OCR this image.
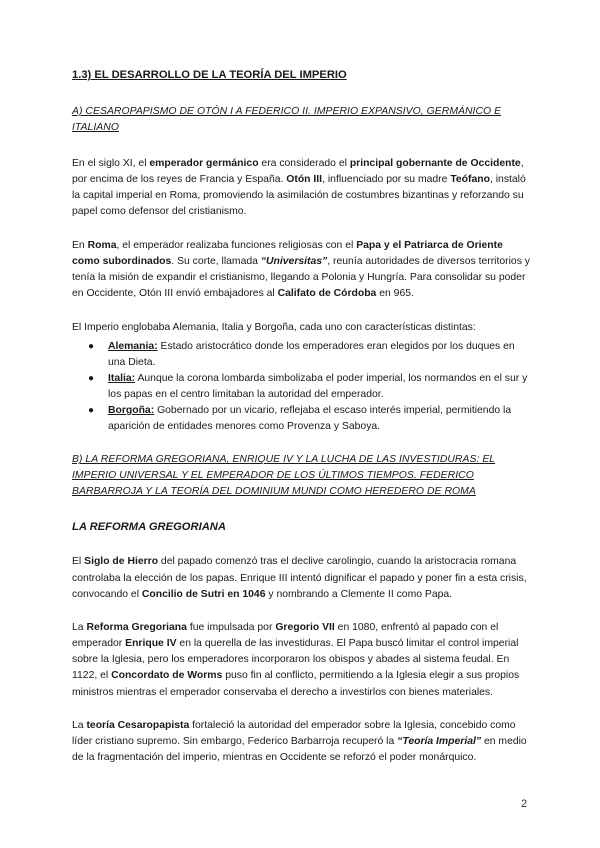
1.3) EL DESARROLLO DE LA TEORÍA DEL IMPERIO
A) CESAROPAPISMO DE OTÓN I A FEDERICO II. IMPERIO EXPANSIVO, GERMÁNICO E ITALIANO

En el siglo XI, el emperador germánico era considerado el principal gobernante de Occidente, por encima de los reyes de Francia y España. Otón III, influenciado por su madre Teófano, instaló la capital imperial en Roma, promoviendo la asimilación de costumbres bizantinas y reforzando su papel como defensor del cristianismo.

En Roma, el emperador realizaba funciones religiosas con el Papa y el Patriarca de Oriente como subordinados. Su corte, llamada “Universitas”, reunía autoridades de diversos territorios y tenía la misión de expandir el cristianismo, llegando a Polonia y Hungría. Para consolidar su poder en Occidente, Otón III envió embajadores al Califato de Córdoba en 965.

El Imperio englobaba Alemania, Italia y Borgoña, cada uno con características distintas:

● Alemania: Estado aristocrático donde los emperadores eran elegidos por los duques en una Dieta.
● Italia: Aunque la corona lombarda simbolizaba el poder imperial, los normandos en el sur y los papas en el centro limitaban la autoridad del emperador.
● Borgoña: Gobernado por un vicario, reflejaba el escaso interés imperial, permitiendo la aparición de entidades menores como Provenza y Saboya.
B) LA REFORMA GREGORIANA, ENRIQUE IV Y LA LUCHA DE LAS INVESTIDURAS: EL IMPERIO UNIVERSAL Y EL EMPERADOR DE LOS ÚLTIMOS TIEMPOS. FEDERICO BARBARROJA Y LA TEORÍA DEL DOMINIUM MUNDI COMO HEREDERO DE ROMA
LA REFORMA GREGORIANA

El Siglo de Hierro del papado comenzó tras el declive carolingio, cuando la aristocracia romana controlaba la elección de los papas. Enrique III intentó dignificar el papado y poner fin a esta crisis, convocando el Concilio de Sutri en 1046 y nombrando a Clemente II como Papa.

La Reforma Gregoriana fue impulsada por Gregorio VII en 1080, enfrentó al papado con el emperador Enrique IV en la querella de las investiduras. El Papa buscó limitar el control imperial sobre la Iglesia, pero los emperadores incorporaron los obispos y abades al sistema feudal. En 1122, el Concordato de Worms puso fin al conflicto, permitiendo a la Iglesia elegir a sus propios ministros mientras el emperador conservaba el derecho a investirlos con bienes materiales.

La teoría Cesaropapista fortaleció la autoridad del emperador sobre la Iglesia, concebido como líder cristiano supremo. Sin embargo, Federico Barbarroja recuperó la “Teoría Imperial” en medio de la fragmentación del imperio, mientras en Occidente se reforzó el poder monárquico.

2
